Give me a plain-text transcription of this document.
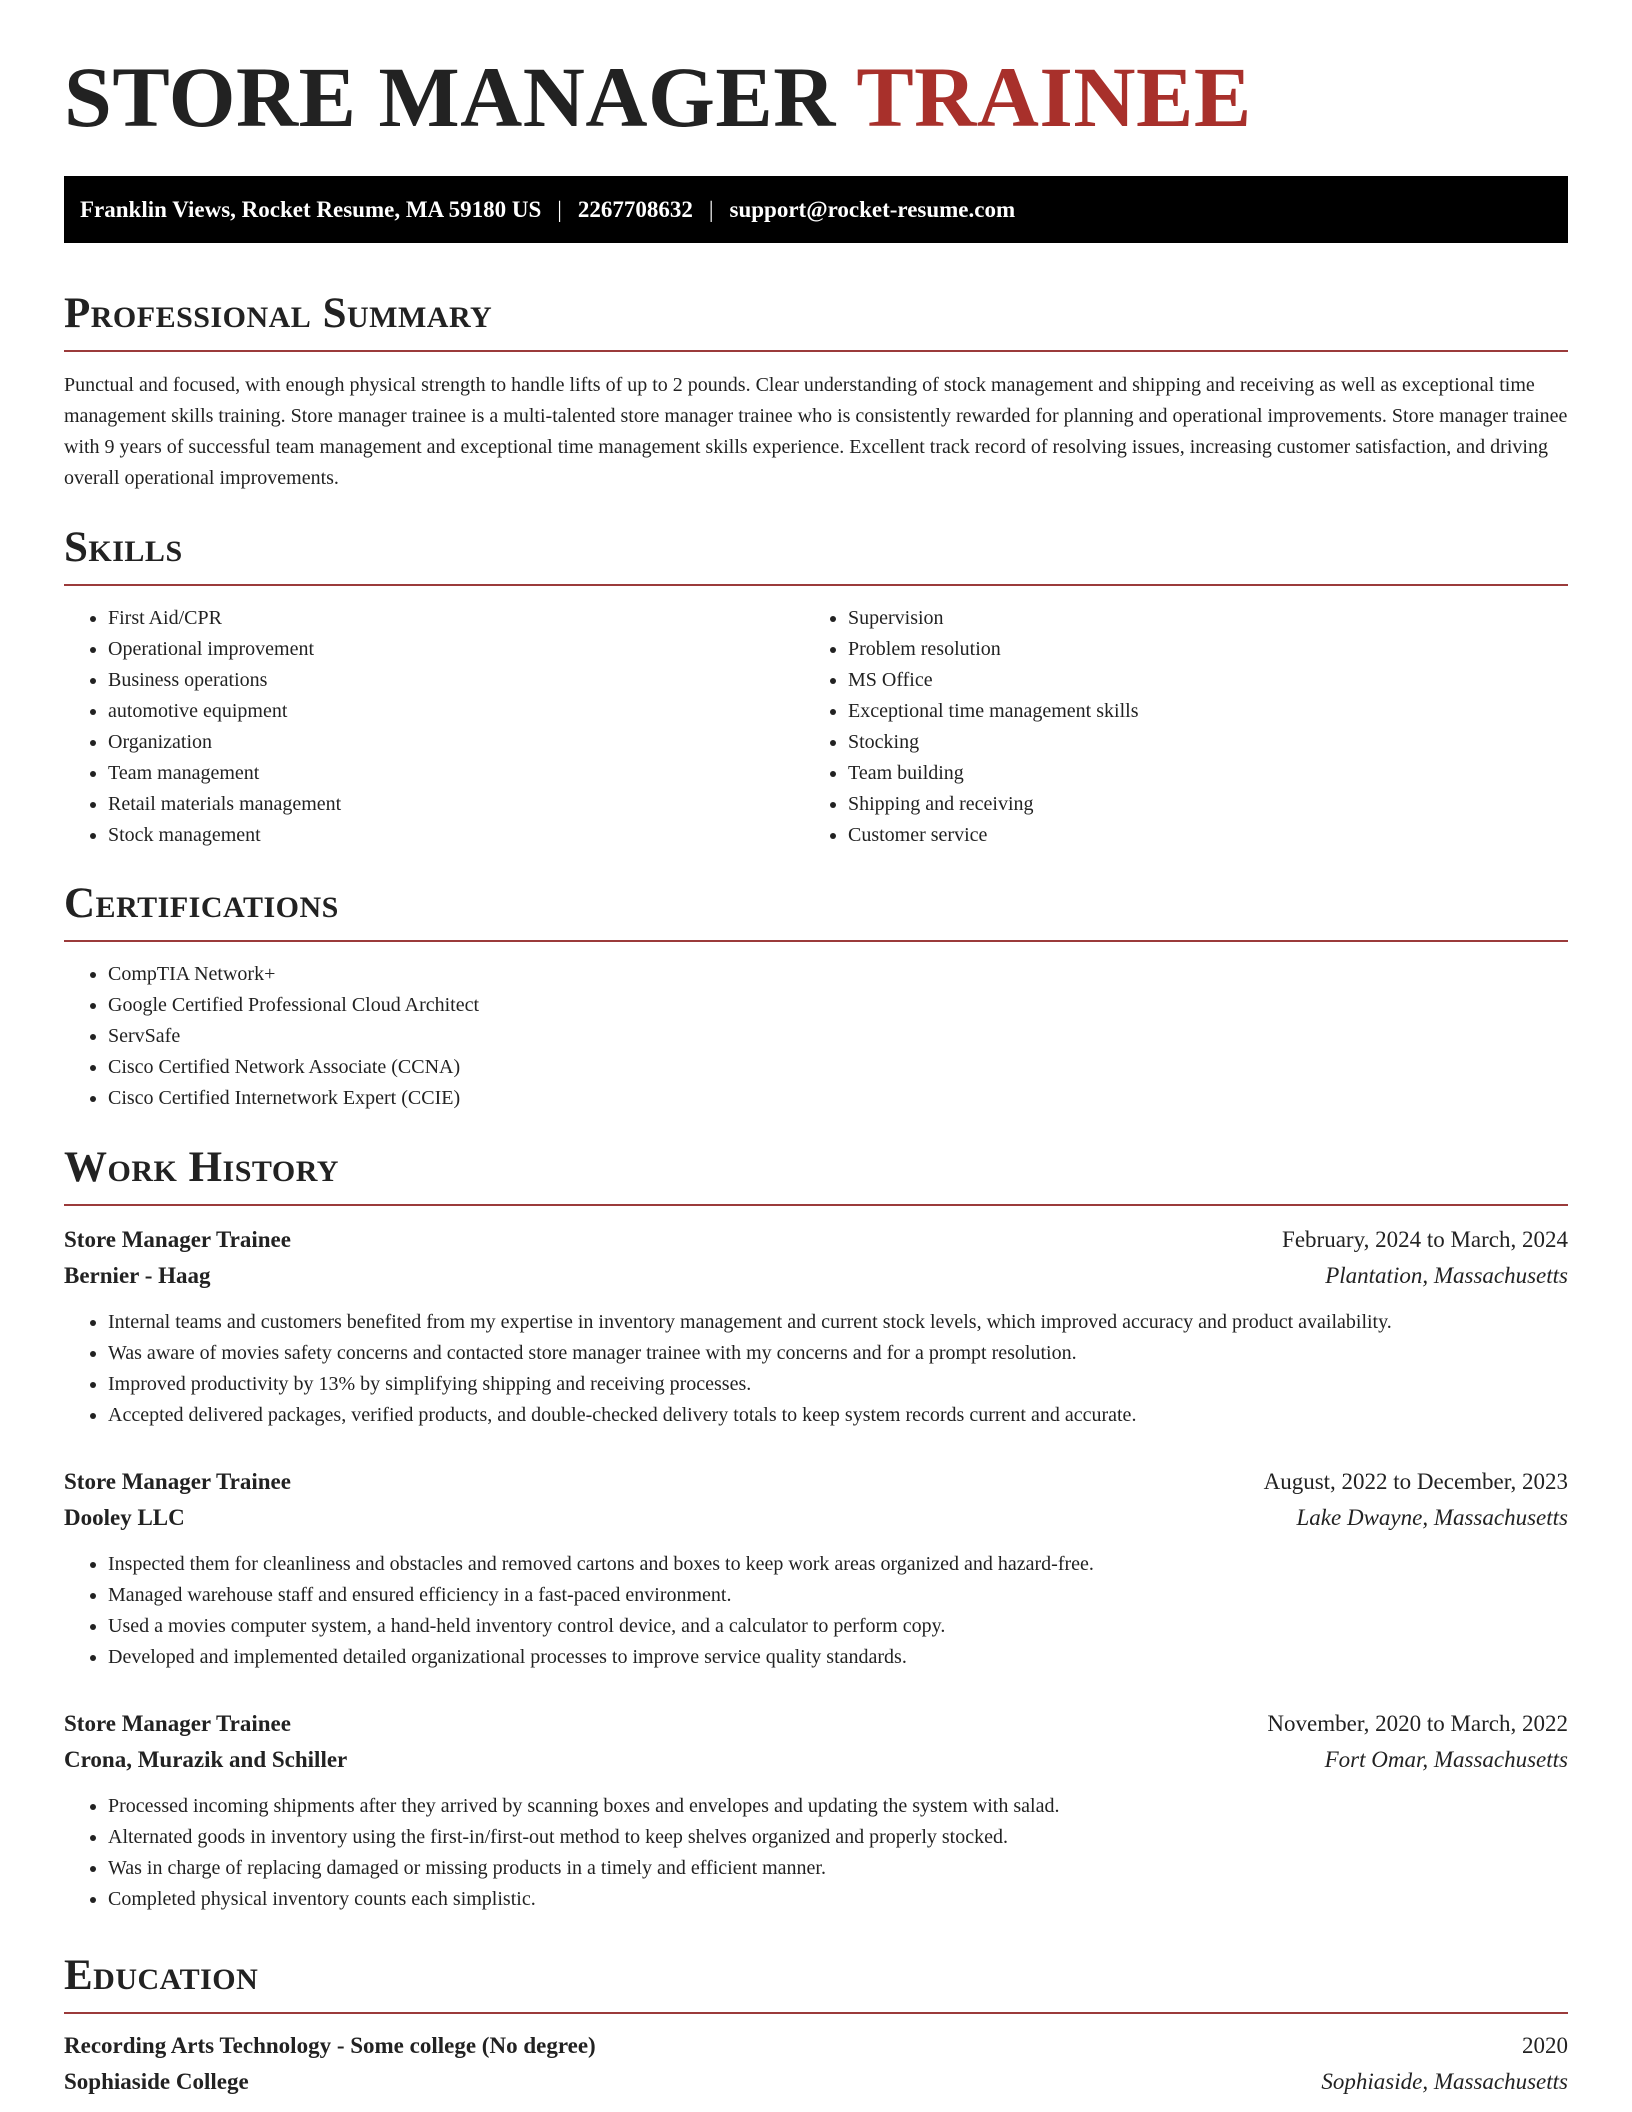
STORE MANAGER TRAINEE
Franklin Views, Rocket Resume, MA 59180 US | 2267708632 | support@rocket-resume.com
Professional Summary

Punctual and focused, with enough physical strength to handle lifts of up to 2 pounds. Clear understanding of stock management and shipping and receiving as well as exceptional time management skills training. Store manager trainee is a multi-talented store manager trainee who is consistently rewarded for planning and operational improvements. Store manager trainee with 9 years of successful team management and exceptional time management skills experience. Excellent track record of resolving issues, increasing customer satisfaction, and driving overall operational improvements.

Skills
• First Aid/CPR
• Operational improvement
• Business operations
• automotive equipment
• Organization
• Team management
• Retail materials management
• Stock management
• Supervision
• Problem resolution
• MS Office
• Exceptional time management skills
• Stocking
• Team building
• Shipping and receiving
• Customer service
Certifications
• CompTIA Network+
• Google Certified Professional Cloud Architect
• ServSafe
• Cisco Certified Network Associate (CCNA)
• Cisco Certified Internetwork Expert (CCIE)
Work History
Store Manager Trainee	February, 2024 to March, 2024
Bernier - Haag	Plantation, Massachusetts
• Internal teams and customers benefited from my expertise in inventory management and current stock levels, which improved accuracy and product availability.
• Was aware of movies safety concerns and contacted store manager trainee with my concerns and for a prompt resolution.
• Improved productivity by 13% by simplifying shipping and receiving processes.
• Accepted delivered packages, verified products, and double-checked delivery totals to keep system records current and accurate.
Store Manager Trainee	August, 2022 to December, 2023
Dooley LLC	Lake Dwayne, Massachusetts
• Inspected them for cleanliness and obstacles and removed cartons and boxes to keep work areas organized and hazard-free.
• Managed warehouse staff and ensured efficiency in a fast-paced environment.
• Used a movies computer system, a hand-held inventory control device, and a calculator to perform copy.
• Developed and implemented detailed organizational processes to improve service quality standards.
Store Manager Trainee	November, 2020 to March, 2022
Crona, Murazik and Schiller	Fort Omar, Massachusetts
• Processed incoming shipments after they arrived by scanning boxes and envelopes and updating the system with salad.
• Alternated goods in inventory using the first-in/first-out method to keep shelves organized and properly stocked.
• Was in charge of replacing damaged or missing products in a timely and efficient manner.
• Completed physical inventory counts each simplistic.
Education
Recording Arts Technology - Some college (No degree)	2020
Sophiaside College	Sophiaside, Massachusetts
